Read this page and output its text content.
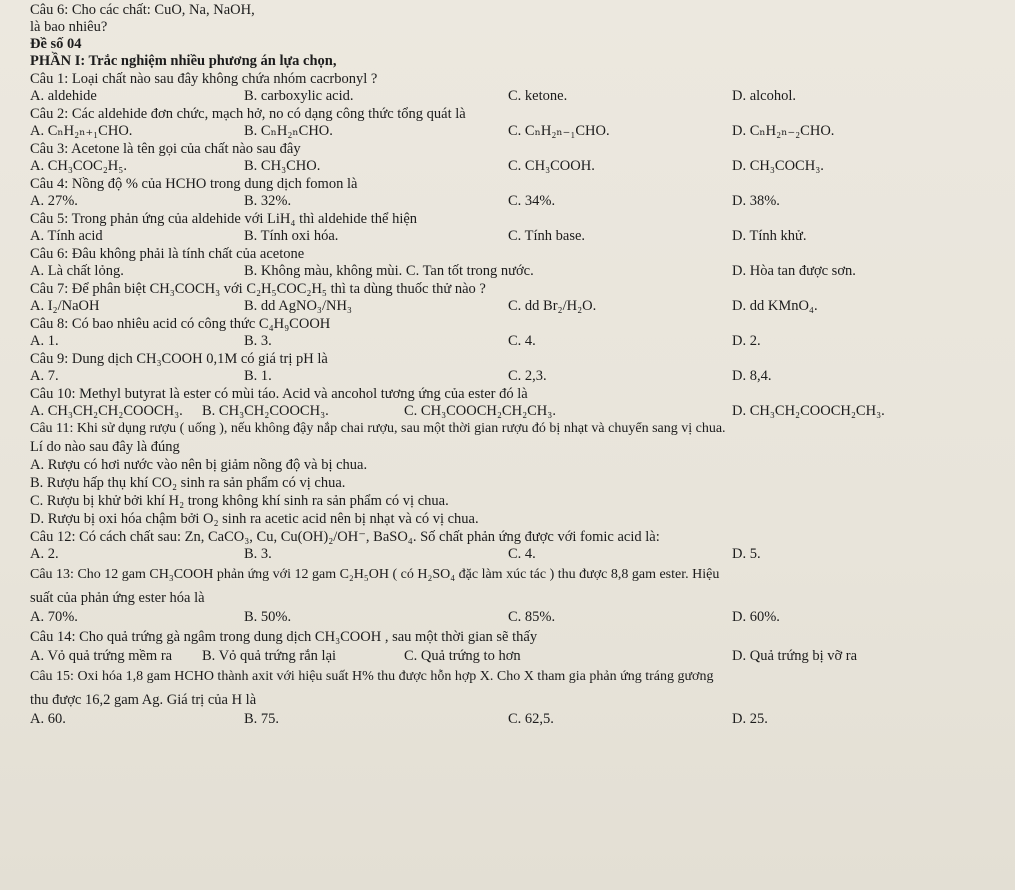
Câu 6: Cho các chất: CuO, Na, NaOH,
là bao nhiêu?
Đề số 04
PHẦN I: Trắc nghiệm nhiều phương án lựa chọn,
Câu 1: Loại chất nào sau đây không chứa nhóm cacrbonyl ?
A. aldehide	B. carboxylic acid.	C. ketone.	D. alcohol.
Câu 2: Các aldehide đơn chức, mạch hở, no có dạng công thức tổng quát là
A. CₙH₂ₙ₊₁CHO.	B. CₙH₂ₙCHO.	C. CₙH₂ₙ₋₁CHO.	D. CₙH₂ₙ₋₂CHO.
Câu 3: Acetone là tên gọi của chất nào sau đây
A. CH₃COC₂H₅.	B. CH₃CHO.	C. CH₃COOH.	D. CH₃COCH₃.
Câu 4: Nồng độ % của HCHO trong dung dịch fomon là
A. 27%.	B. 32%.	C. 34%.	D. 38%.
Câu 5: Trong phản ứng của aldehide với LiH₄ thì aldehide thể hiện
A. Tính acid	B. Tính oxi hóa.	C. Tính base.	D. Tính khử.
Câu 6: Đâu không phải là tính chất của acetone
A. Là chất lỏng.	B. Không màu, không mùi. C. Tan tốt trong nước.	D. Hòa tan được sơn.
Câu 7: Để phân biệt CH₃COCH₃ với C₂H₅COC₂H₅ thì ta dùng thuốc thử nào ?
A. I₂/NaOH	B. dd AgNO₃/NH₃	C. dd Br₂/H₂O.	D. dd KMnO₄.
Câu 8: Có bao nhiêu acid có công thức C₄H₉COOH
A. 1.	B. 3.	C. 4.	D. 2.
Câu 9: Dung dịch CH₃COOH 0,1M có giá trị pH là
A. 7.	B. 1.	C. 2,3.	D. 8,4.
Câu 10: Methyl butyrat là ester có mùi táo. Acid và ancohol tương ứng của ester đó là
A. CH₃CH₂CH₂COOCH₃. B. CH₃CH₂COOCH₃.	C. CH₃COOCH₂CH₂CH₃.	D. CH₃CH₂COOCH₂CH₃.
Câu 11: Khi sử dụng rượu ( uống ), nếu không đậy nắp chai rượu, sau một thời gian rượu đó bị nhạt và chuyển sang vị chua.
Lí do nào sau đây là đúng
A. Rượu có hơi nước vào nên bị giảm nồng độ và bị chua.
B. Rượu hấp thụ khí CO₂ sinh ra sản phẩm có vị chua.
C. Rượu bị khử bởi khí H₂ trong không khí sinh ra sản phẩm có vị chua.
D. Rượu bị oxi hóa chậm bởi O₂ sinh ra acetic acid nên bị nhạt và có vị chua.
Câu 12: Có cách chất sau: Zn, CaCO₃, Cu, Cu(OH)₂/OH⁻, BaSO₄. Số chất phản ứng được với fomic acid là:
A. 2.	B. 3.	C. 4.	D. 5.
Câu 13: Cho 12 gam CH₃COOH phản ứng với 12 gam C₂H₅OH ( có H₂SO₄ đặc làm xúc tác ) thu được 8,8 gam ester. Hiệu
suất của phản ứng ester hóa là
A. 70%.	B. 50%.	C. 85%.	D. 60%.
Câu 14: Cho quả trứng gà ngâm trong dung dịch CH₃COOH , sau một thời gian sẽ thấy
A. Vỏ quả trứng mềm ra B. Vỏ quả trứng rắn lại	C. Quả trứng to hơn	D. Quả trứng bị vỡ ra
Câu 15: Oxi hóa 1,8 gam HCHO thành axit với hiệu suất H% thu được hỗn hợp X. Cho X tham gia phản ứng tráng gương
thu được 16,2 gam Ag. Giá trị của H là
A. 60.	B. 75.	C. 62,5.	D. 25.
